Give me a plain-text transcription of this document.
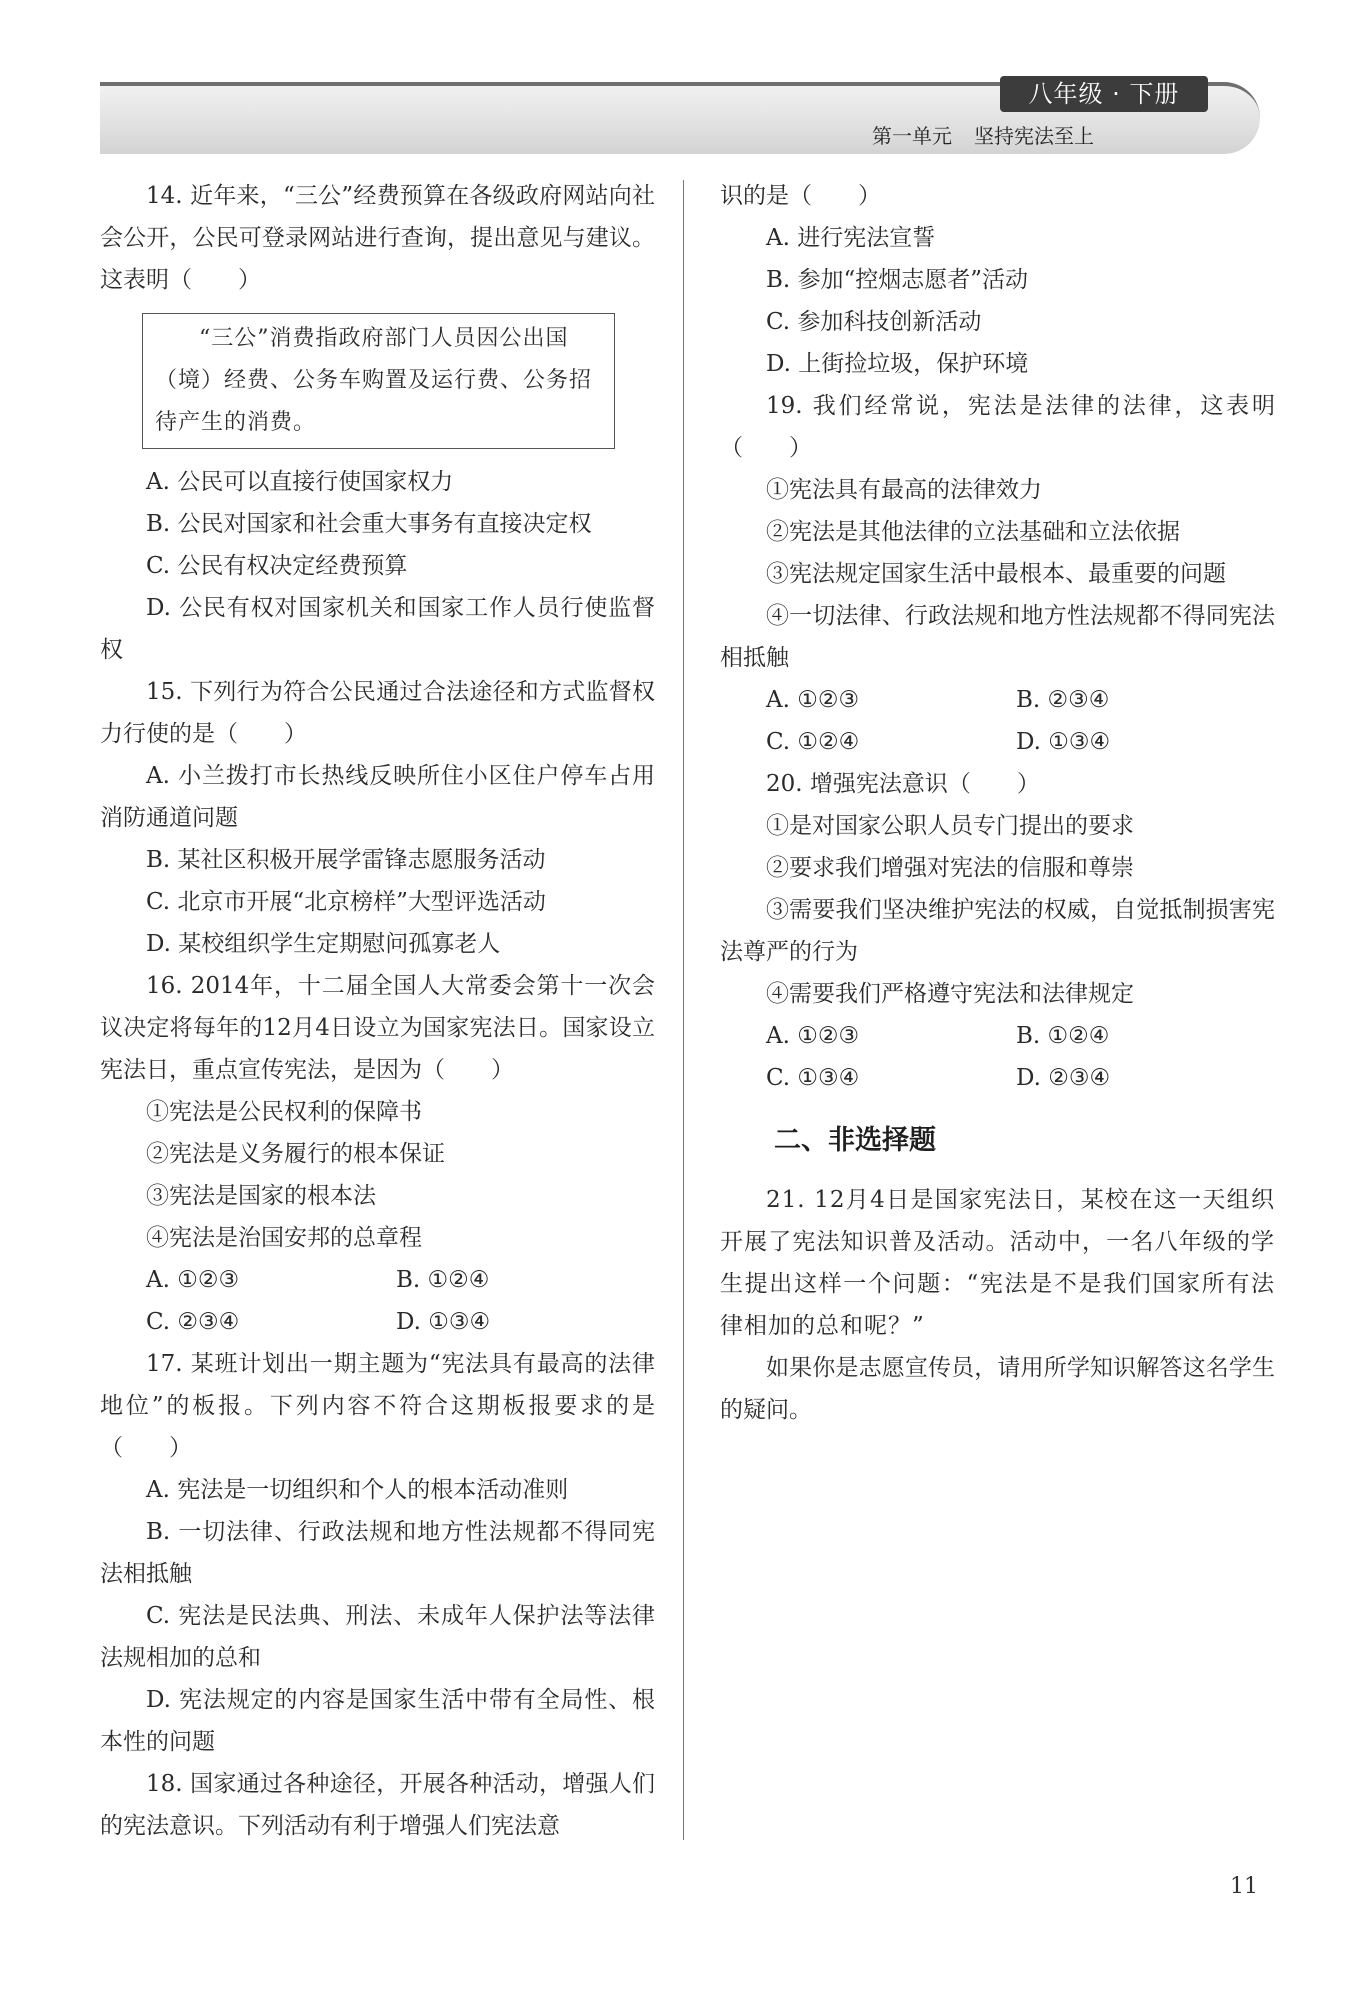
八年级 · 下册
第一单元 坚持宪法至上

14. 近年来，“三公”经费预算在各级政府网站向社会公开，公民可登录网站进行查询，提出意见与建议。这表明（　　）

“三公”消费指政府部门人员因公出国（境）经费、公务车购置及运行费、公务招待产生的消费。

A. 公民可以直接行使国家权力

B. 公民对国家和社会重大事务有直接决定权

C. 公民有权决定经费预算

D. 公民有权对国家机关和国家工作人员行使监督权

15. 下列行为符合公民通过合法途径和方式监督权力行使的是（　　）

A. 小兰拨打市长热线反映所住小区住户停车占用消防通道问题

B. 某社区积极开展学雷锋志愿服务活动

C. 北京市开展“北京榜样”大型评选活动

D. 某校组织学生定期慰问孤寡老人

16. 2014年，十二届全国人大常委会第十一次会议决定将每年的12月4日设立为国家宪法日。国家设立宪法日，重点宣传宪法，是因为（　　）

①宪法是公民权利的保障书

②宪法是义务履行的根本保证

③宪法是国家的根本法

④宪法是治国安邦的总章程

A. ①②③	B. ①②④
C. ②③④	D. ①③④

17. 某班计划出一期主题为“宪法具有最高的法律地位”的板报。下列内容不符合这期板报要求的是（　　）

A. 宪法是一切组织和个人的根本活动准则

B. 一切法律、行政法规和地方性法规都不得同宪法相抵触

C. 宪法是民法典、刑法、未成年人保护法等法律法规相加的总和

D. 宪法规定的内容是国家生活中带有全局性、根本性的问题

18. 国家通过各种途径，开展各种活动，增强人们的宪法意识。下列活动有利于增强人们宪法意

识的是（　　）

A. 进行宪法宣誓

B. 参加“控烟志愿者”活动

C. 参加科技创新活动

D. 上街捡垃圾，保护环境

19. 我们经常说，宪法是法律的法律，这表明（　　）

①宪法具有最高的法律效力

②宪法是其他法律的立法基础和立法依据

③宪法规定国家生活中最根本、最重要的问题

④一切法律、行政法规和地方性法规都不得同宪法相抵触

A. ①②③	B. ②③④
C. ①②④	D. ①③④

20. 增强宪法意识（　　）

①是对国家公职人员专门提出的要求

②要求我们增强对宪法的信服和尊崇

③需要我们坚决维护宪法的权威，自觉抵制损害宪法尊严的行为

④需要我们严格遵守宪法和法律规定

A. ①②③	B. ①②④
C. ①③④	D. ②③④
二、非选择题

21. 12月4日是国家宪法日，某校在这一天组织开展了宪法知识普及活动。活动中，一名八年级的学生提出这样一个问题：“宪法是不是我们国家所有法律相加的总和呢？”

如果你是志愿宣传员，请用所学知识解答这名学生的疑问。

11
